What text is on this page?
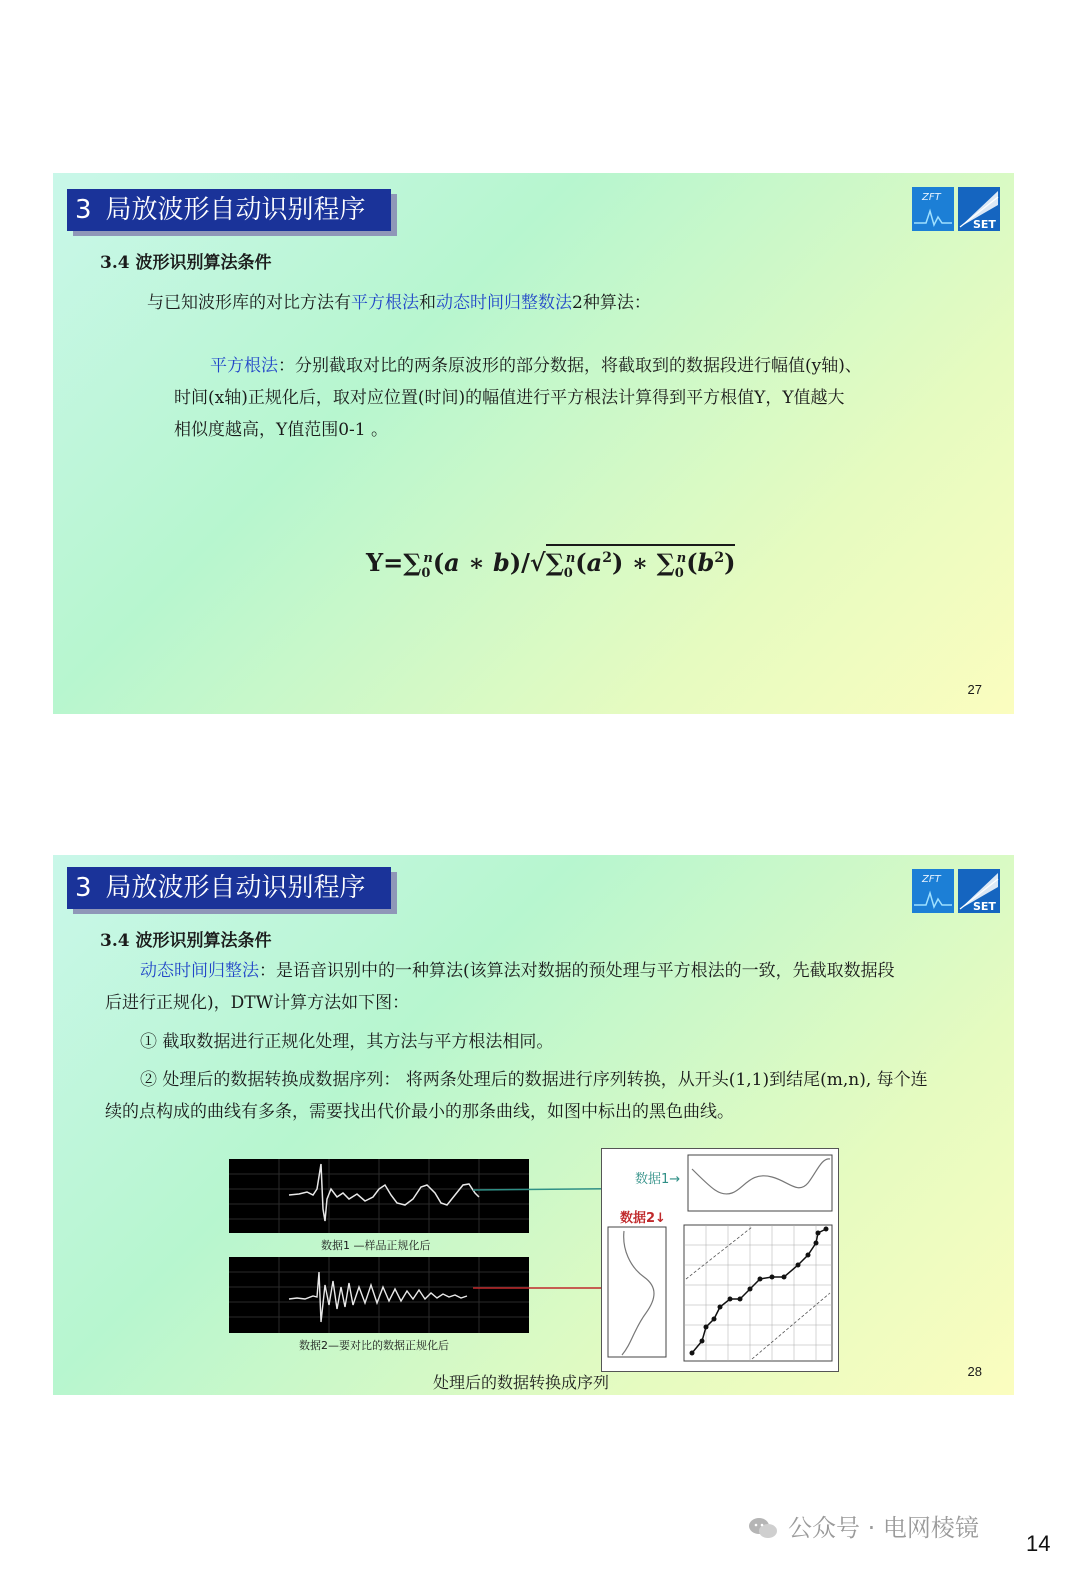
3 局放波形自动识别程序	ZFT
SET
3.4 波形识别算法条件
与已知波形库的对比方法有平方根法和动态时间归整数法2种算法：
平方根法：分别截取对比的两条原波形的部分数据，将截取到的数据段进行幅值(y轴)、
时间(x轴)正规化后，取对应位置(时间)的幅值进行平方根法计算得到平方根值Y，Y值越大
相似度越高，Y值范围0-1 。
$Y=\sum_0^n(a$ ∗ $b)/√\sum_0^n(a^2)$ ∗ $\sum_0^n(b^2)$
27
3 局放波形自动识别程序	ZFT
SET
3.4 波形识别算法条件
动态时间归整法：是语音识别中的一种算法(该算法对数据的预处理与平方根法的一致，先截取数据段
后进行正规化)，DTW计算方法如下图：
① 截取数据进行正规化处理，其方法与平方根法相同。
② 处理后的数据转换成数据序列： 将两条处理后的数据进行序列转换，从开头(1,1)到结尾(m,n), 每个连
续的点构成的曲线有多条，需要找出代价最小的那条曲线，如图中标出的黑色曲线。
数据1 —样品正规化后
数据2—要对比的数据正规化后
数据1→
数据2↓
处理后的数据转换成序列
28
公众号 · 电网棱镜
14
